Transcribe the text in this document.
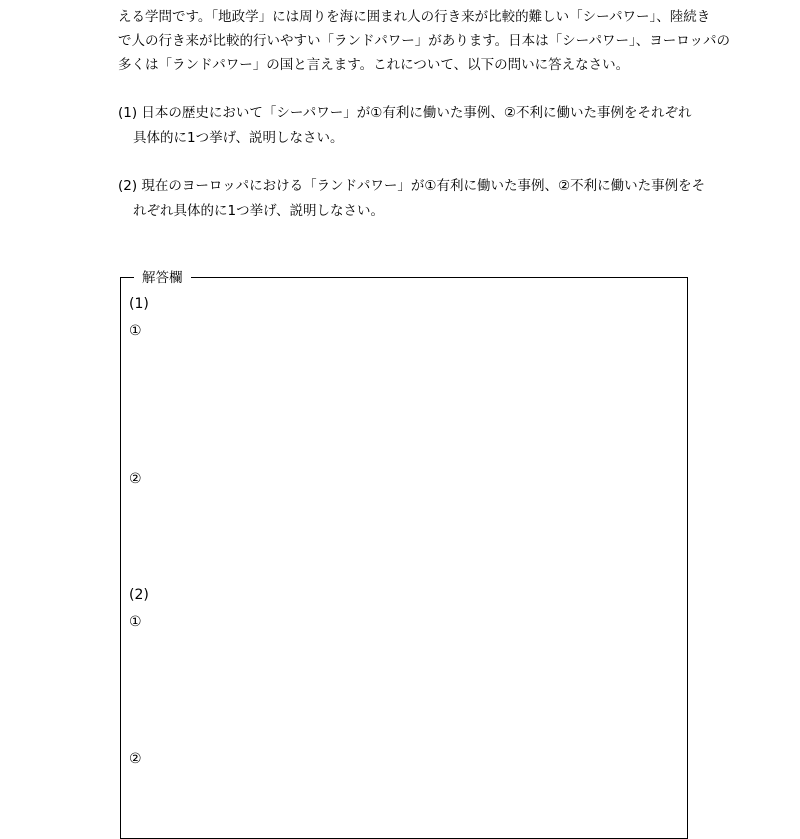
える学問です。「地政学」には周りを海に囲まれ人の行き来が比較的難しい「シーパワー」、陸続き
で人の行き来が比較的行いやすい「ランドパワー」があります。日本は「シーパワー」、ヨーロッパの
多くは「ランドパワー」の国と言えます。これについて、以下の問いに答えなさい。
(1) 日本の歴史において「シーパワー」が①有利に働いた事例、②不利に働いた事例をそれぞれ
具体的に1つ挙げ、説明しなさい。
(2) 現在のヨーロッパにおける「ランドパワー」が①有利に働いた事例、②不利に働いた事例をそ
れぞれ具体的に1つ挙げ、説明しなさい。
解答欄
(1)
①
②
(2)
①
②
